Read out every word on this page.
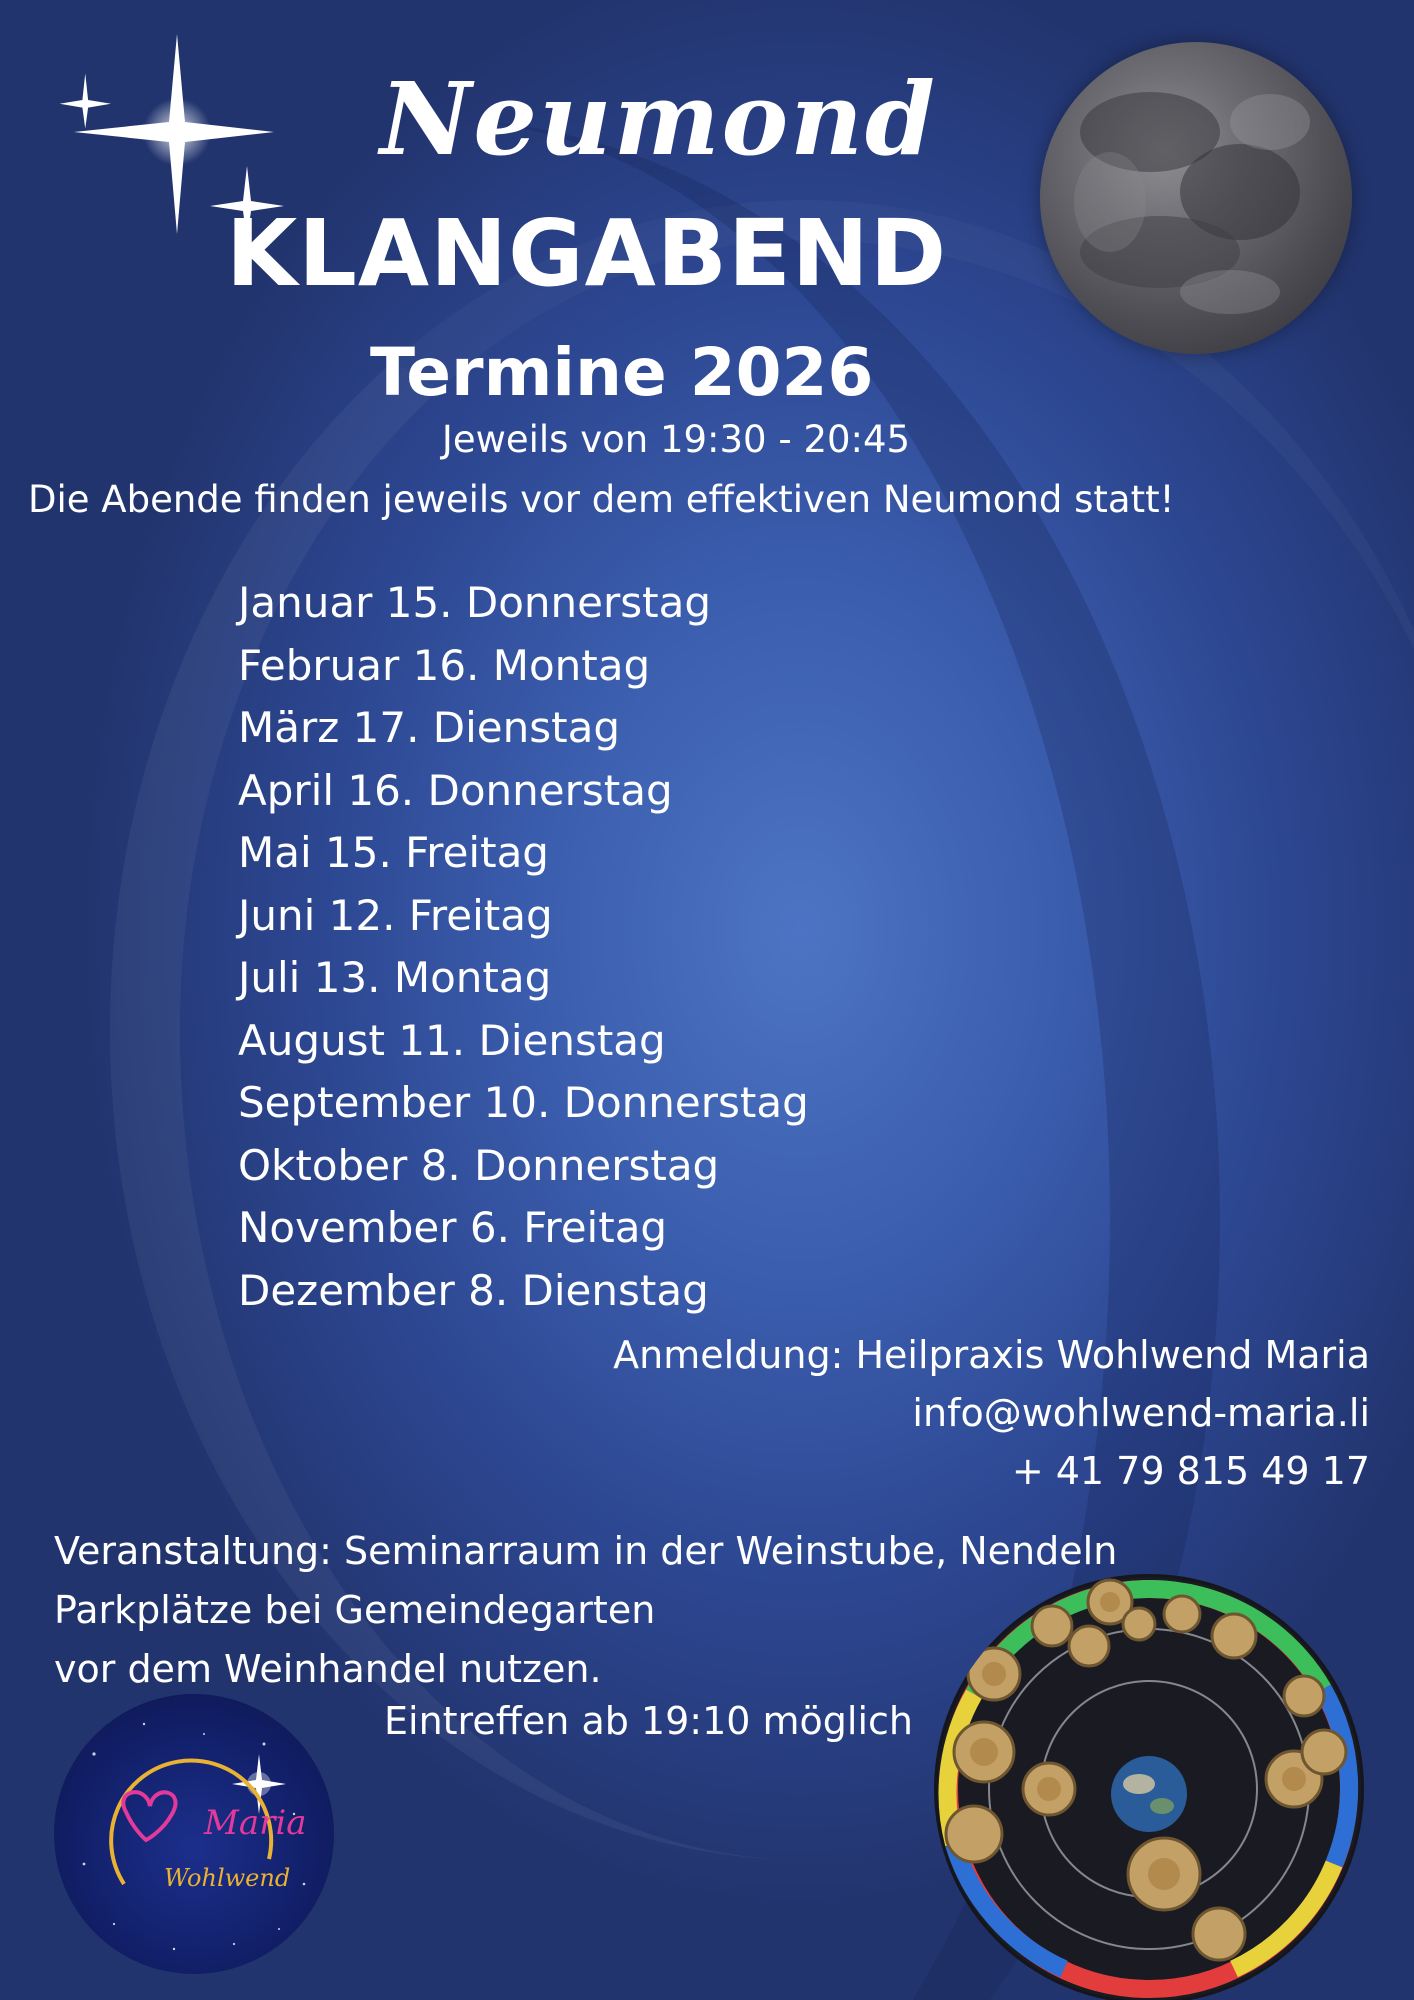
Neumond
KLANGABEND
Termine 2026
Jeweils von 19:30 - 20:45
Die Abende finden jeweils vor dem effektiven Neumond statt!
Januar 15. Donnerstag
Februar 16. Montag
März 17. Dienstag
April 16. Donnerstag
Mai 15. Freitag
Juni 12. Freitag
Juli 13. Montag
August 11. Dienstag
September 10. Donnerstag
Oktober 8. Donnerstag
November 6. Freitag
Dezember 8. Dienstag
Anmeldung: Heilpraxis Wohlwend Maria
info@wohlwend-maria.li
+ 41 79 815 49 17
Veranstaltung: Seminarraum in der Weinstube, Nendeln
Parkplätze bei Gemeindegarten
vor dem Weinhandel nutzen.
Eintreffen ab 19:10 möglich
Maria
Wohlwend
